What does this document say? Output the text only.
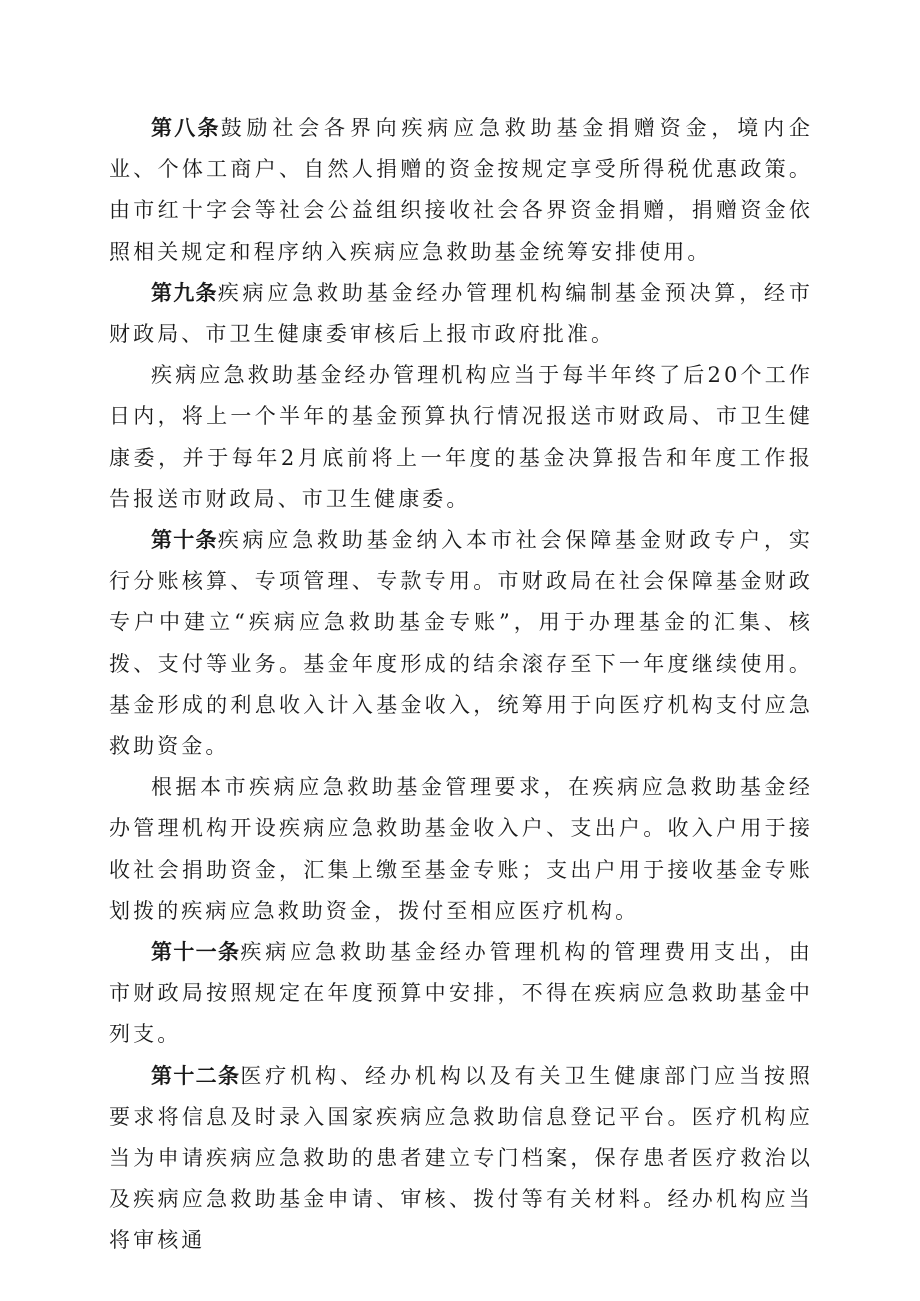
第八条鼓励社会各界向疾病应急救助基金捐赠资金，境内企业、个体工商户、自然人捐赠的资金按规定享受所得税优惠政策。由市红十字会等社会公益组织接收社会各界资金捐赠，捐赠资金依照相关规定和程序纳入疾病应急救助基金统筹安排使用。

第九条疾病应急救助基金经办管理机构编制基金预决算，经市财政局、市卫生健康委审核后上报市政府批准。

疾病应急救助基金经办管理机构应当于每半年终了后20个工作日内，将上一个半年的基金预算执行情况报送市财政局、市卫生健康委，并于每年2月底前将上一年度的基金决算报告和年度工作报告报送市财政局、市卫生健康委。

第十条疾病应急救助基金纳入本市社会保障基金财政专户，实行分账核算、专项管理、专款专用。市财政局在社会保障基金财政专户中建立“疾病应急救助基金专账”，用于办理基金的汇集、核拨、支付等业务。基金年度形成的结余滚存至下一年度继续使用。基金形成的利息收入计入基金收入，统筹用于向医疗机构支付应急救助资金。

根据本市疾病应急救助基金管理要求，在疾病应急救助基金经办管理机构开设疾病应急救助基金收入户、支出户。收入户用于接收社会捐助资金，汇集上缴至基金专账；支出户用于接收基金专账划拨的疾病应急救助资金，拨付至相应医疗机构。

第十一条疾病应急救助基金经办管理机构的管理费用支出，由市财政局按照规定在年度预算中安排，不得在疾病应急救助基金中列支。

第十二条医疗机构、经办机构以及有关卫生健康部门应当按照要求将信息及时录入国家疾病应急救助信息登记平台。医疗机构应当为申请疾病应急救助的患者建立专门档案，保存患者医疗救治以及疾病应急救助基金申请、审核、拨付等有关材料。经办机构应当将审核通
